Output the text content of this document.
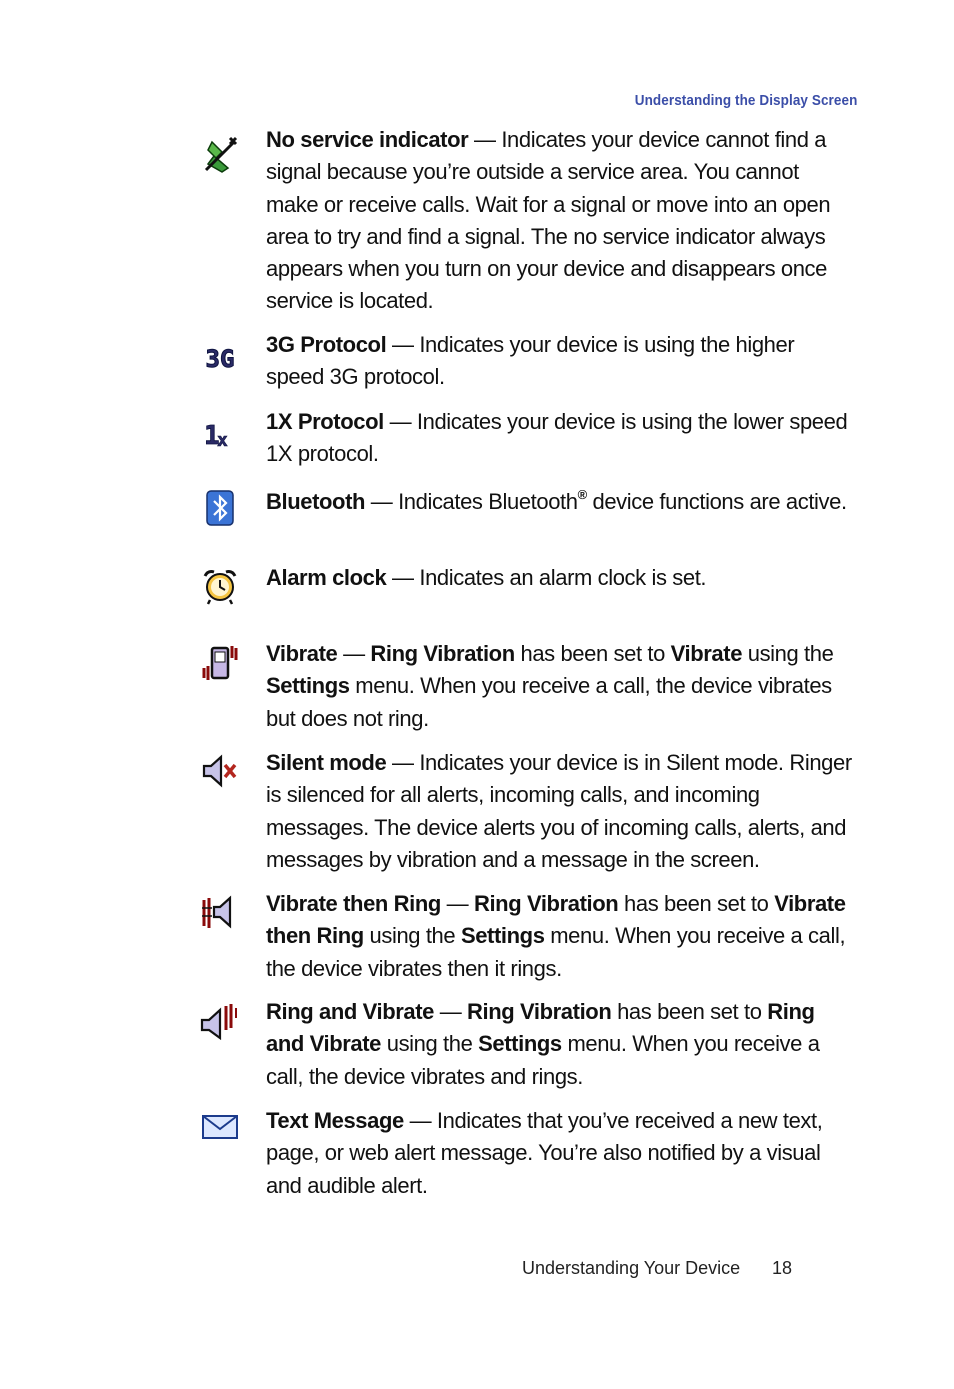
Understanding the Display Screen
No service indicator — Indicates your device cannot find a signal because you’re outside a service area. You cannot make or receive calls. Wait for a signal or move into an open area to try and find a signal. The no service indicator always appears when you turn on your device and disappears once service is located.
3G
3G Protocol — Indicates your device is using the higher speed 3G protocol.
1
x
1X Protocol — Indicates your device is using the lower speed 1X protocol.
Bluetooth — Indicates Bluetooth® device functions are active.
Alarm clock — Indicates an alarm clock is set.
Vibrate — Ring Vibration has been set to Vibrate using the Settings menu. When you receive a call, the device vibrates but does not ring.
Silent mode — Indicates your device is in Silent mode. Ringer is silenced for all alerts, incoming calls, and incoming messages. The device alerts you of incoming calls, alerts, and messages by vibration and a message in the screen.
Vibrate then Ring — Ring Vibration has been set to Vibrate then Ring using the Settings menu. When you receive a call, the device vibrates then it rings.
Ring and Vibrate — Ring Vibration has been set to Ring and Vibrate using the Settings menu. When you receive a call, the device vibrates and rings.
Text Message — Indicates that you’ve received a new text, page, or web alert message. You’re also notified by a visual and audible alert.
Understanding Your Device 18
